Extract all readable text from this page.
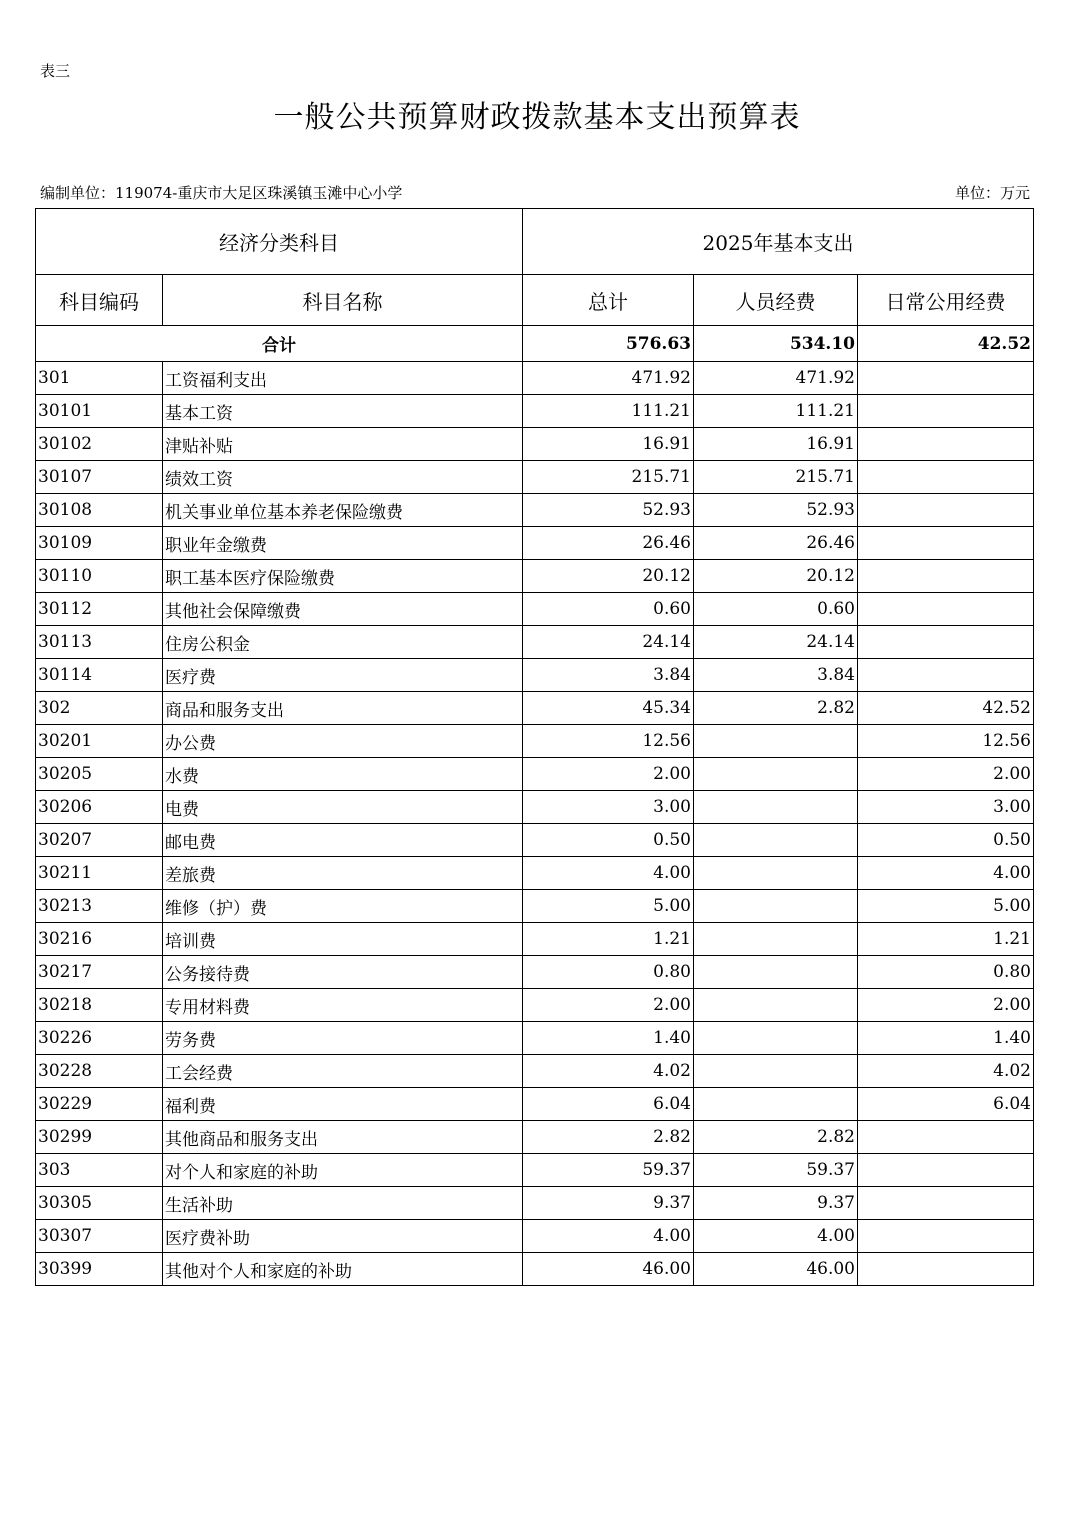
表三
一般公共预算财政拨款基本支出预算表
编制单位：119074-重庆市大足区珠溪镇玉滩中心小学	单位：万元
经济分类科目		2025年基本支出		
科目编码	科目名称	总计	人员经费	日常公用经费
合计		576.63	534.10	42.52
301	工资福利支出	471.92	471.92	
30101	基本工资	111.21	111.21	
30102	津贴补贴	16.91	16.91	
30107	绩效工资	215.71	215.71	
30108	机关事业单位基本养老保险缴费	52.93	52.93	
30109	职业年金缴费	26.46	26.46	
30110	职工基本医疗保险缴费	20.12	20.12	
30112	其他社会保障缴费	0.60	0.60	
30113	住房公积金	24.14	24.14	
30114	医疗费	3.84	3.84	
302	商品和服务支出	45.34	2.82	42.52
30201	办公费	12.56		12.56
30205	水费	2.00		2.00
30206	电费	3.00		3.00
30207	邮电费	0.50		0.50
30211	差旅费	4.00		4.00
30213	维修（护）费	5.00		5.00
30216	培训费	1.21		1.21
30217	公务接待费	0.80		0.80
30218	专用材料费	2.00		2.00
30226	劳务费	1.40		1.40
30228	工会经费	4.02		4.02
30229	福利费	6.04		6.04
30299	其他商品和服务支出	2.82	2.82	
303	对个人和家庭的补助	59.37	59.37	
30305	生活补助	9.37	9.37	
30307	医疗费补助	4.00	4.00	
30399	其他对个人和家庭的补助	46.00	46.00	
